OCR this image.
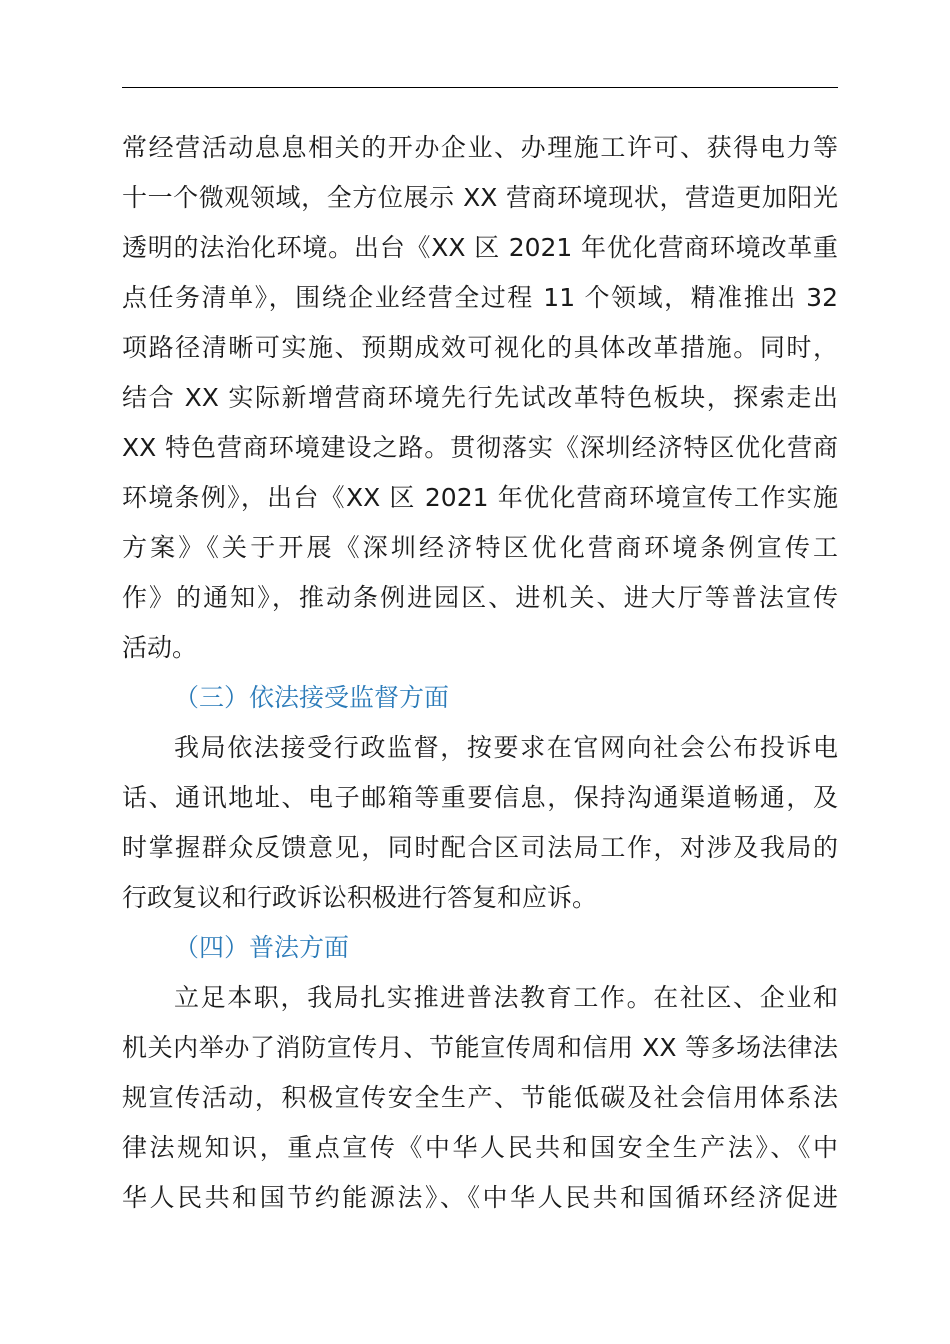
常经营活动息息相关的开办企业、办理施工许可、获得电力等
十一个微观领域，全方位展示 XX 营商环境现状，营造更加阳光
透明的法治化环境。出台《XX 区 2021 年优化营商环境改革重
点任务清单》，围绕企业经营全过程 11 个领域，精准推出 32
项路径清晰可实施、预期成效可视化的具体改革措施。同时，
结合 XX 实际新增营商环境先行先试改革特色板块，探索走出
XX 特色营商环境建设之路。贯彻落实《深圳经济特区优化营商
环境条例》，出台《XX 区 2021 年优化营商环境宣传工作实施
方案》《关于开展《深圳经济特区优化营商环境条例宣传工
作》的通知》，推动条例进园区、进机关、进大厅等普法宣传
活动。
（三）依法接受监督方面
我局依法接受行政监督，按要求在官网向社会公布投诉电
话、通讯地址、电子邮箱等重要信息，保持沟通渠道畅通，及
时掌握群众反馈意见，同时配合区司法局工作，对涉及我局的
行政复议和行政诉讼积极进行答复和应诉。
（四）普法方面
立足本职，我局扎实推进普法教育工作。在社区、企业和
机关内举办了消防宣传月、节能宣传周和信用 XX 等多场法律法
规宣传活动，积极宣传安全生产、节能低碳及社会信用体系法
律法规知识，重点宣传《中华人民共和国安全生产法》、《中
华人民共和国节约能源法》、《中华人民共和国循环经济促进
